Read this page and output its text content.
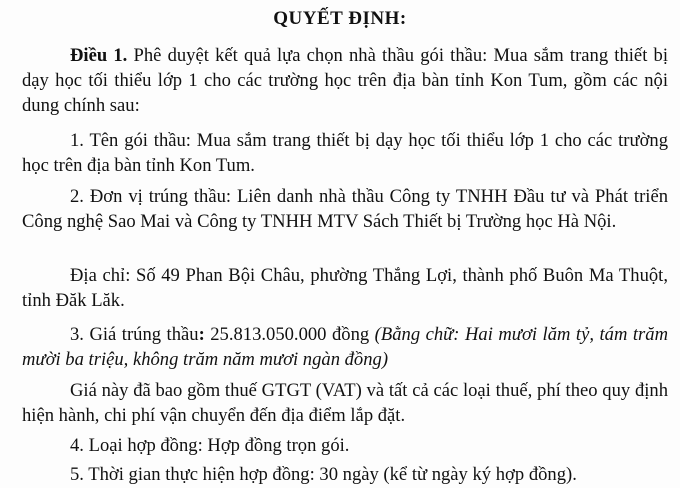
QUYẾT ĐỊNH:
Điều 1. Phê duyệt kết quả lựa chọn nhà thầu gói thầu: Mua sắm trang thiết bị dạy học tối thiểu lớp 1 cho các trường học trên địa bàn tỉnh Kon Tum, gồm các nội dung chính sau:
1. Tên gói thầu: Mua sắm trang thiết bị dạy học tối thiểu lớp 1 cho các trường học trên địa bàn tỉnh Kon Tum.
2. Đơn vị trúng thầu: Liên danh nhà thầu Công ty TNHH Đầu tư và Phát triển Công nghệ Sao Mai và Công ty TNHH MTV Sách Thiết bị Trường học Hà Nội.
Địa chỉ: Số 49 Phan Bội Châu, phường Thắng Lợi, thành phố Buôn Ma Thuột, tỉnh Đăk Lăk.
3. Giá trúng thầu: 25.813.050.000 đồng (Bằng chữ: Hai mươi lăm tỷ, tám trăm mười ba triệu, không trăm năm mươi ngàn đồng)
Giá này đã bao gồm thuế GTGT (VAT) và tất cả các loại thuế, phí theo quy định hiện hành, chi phí vận chuyển đến địa điểm lắp đặt.
4. Loại hợp đồng: Hợp đồng trọn gói.
5. Thời gian thực hiện hợp đồng: 30 ngày (kể từ ngày ký hợp đồng).
